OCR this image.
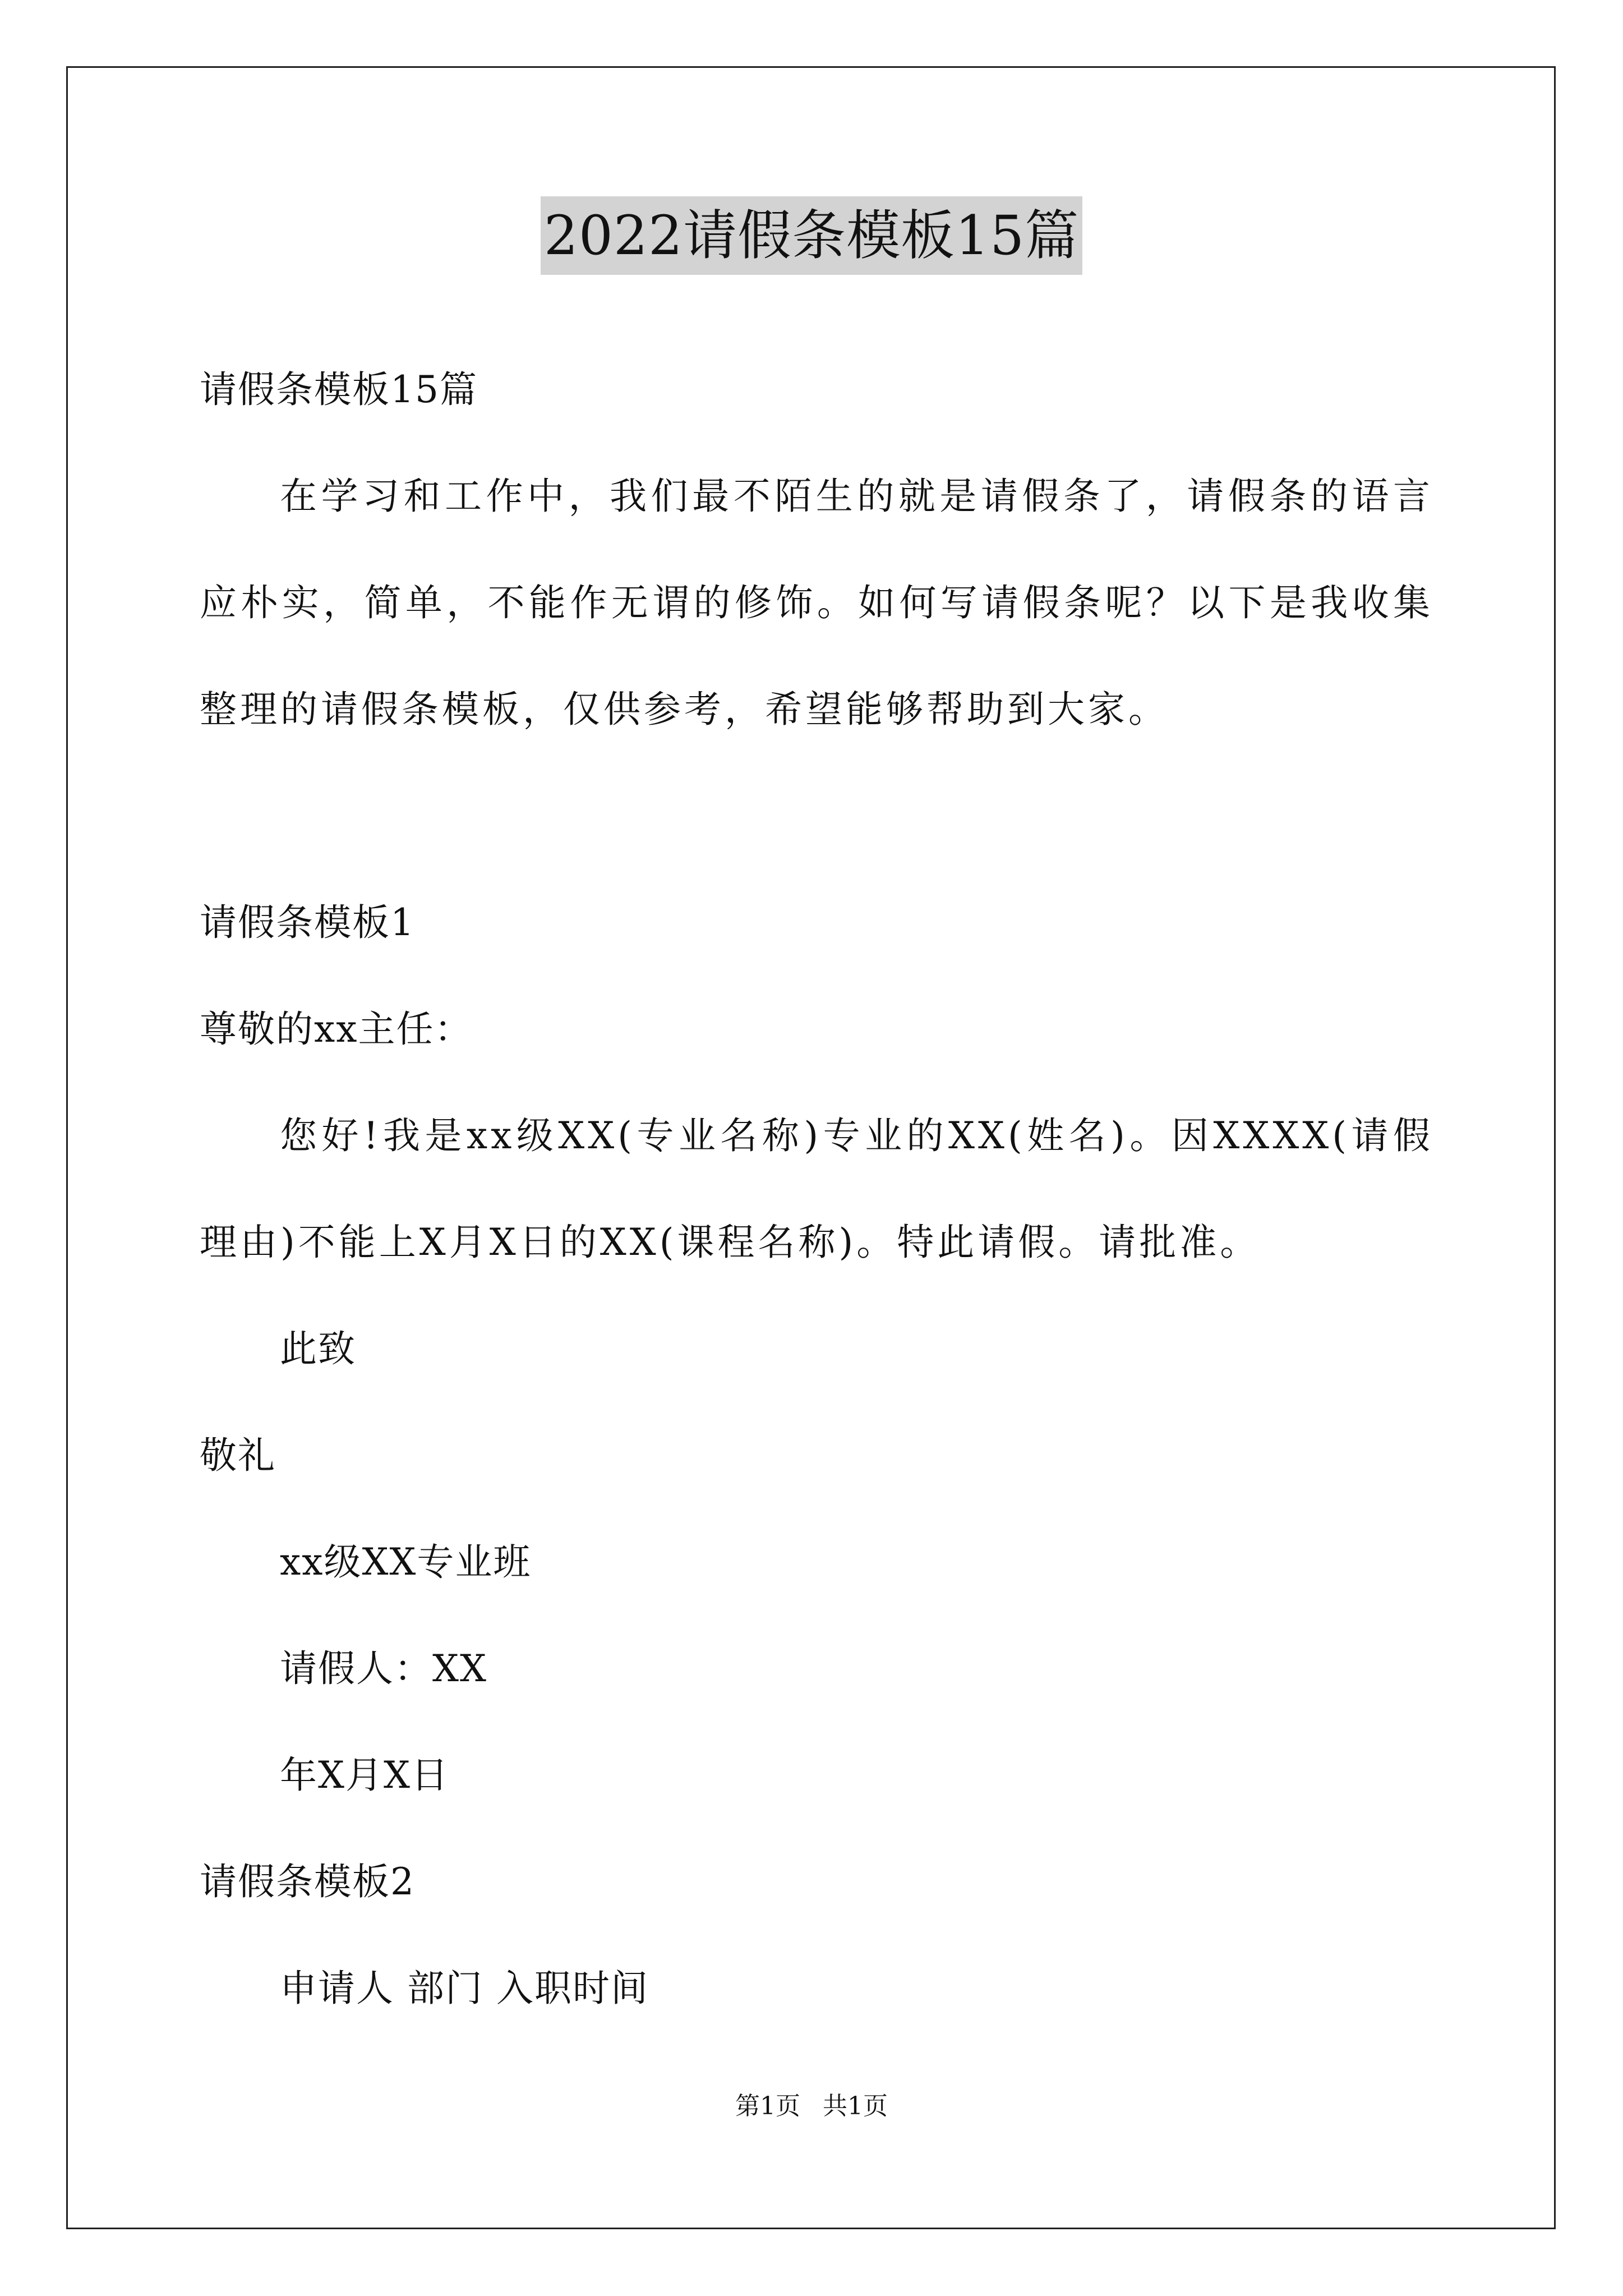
2022请假条模板15篇
请假条模板15篇
在学习和工作中，我们最不陌生的就是请假条了，请假条的语言应朴实，简单，不能作无谓的修饰。如何写请假条呢？以下是我收集整理的请假条模板，仅供参考，希望能够帮助到大家。
请假条模板1
尊敬的xx主任：
您好!我是xx级XX(专业名称)专业的XX(姓名)。因XXXX(请假理由)不能上X月X日的XX(课程名称)。特此请假。请批准。
此致
敬礼
xx级XX专业班
请假人：XX
年X月X日
请假条模板2
申请人 部门 入职时间
第1页 共1页
